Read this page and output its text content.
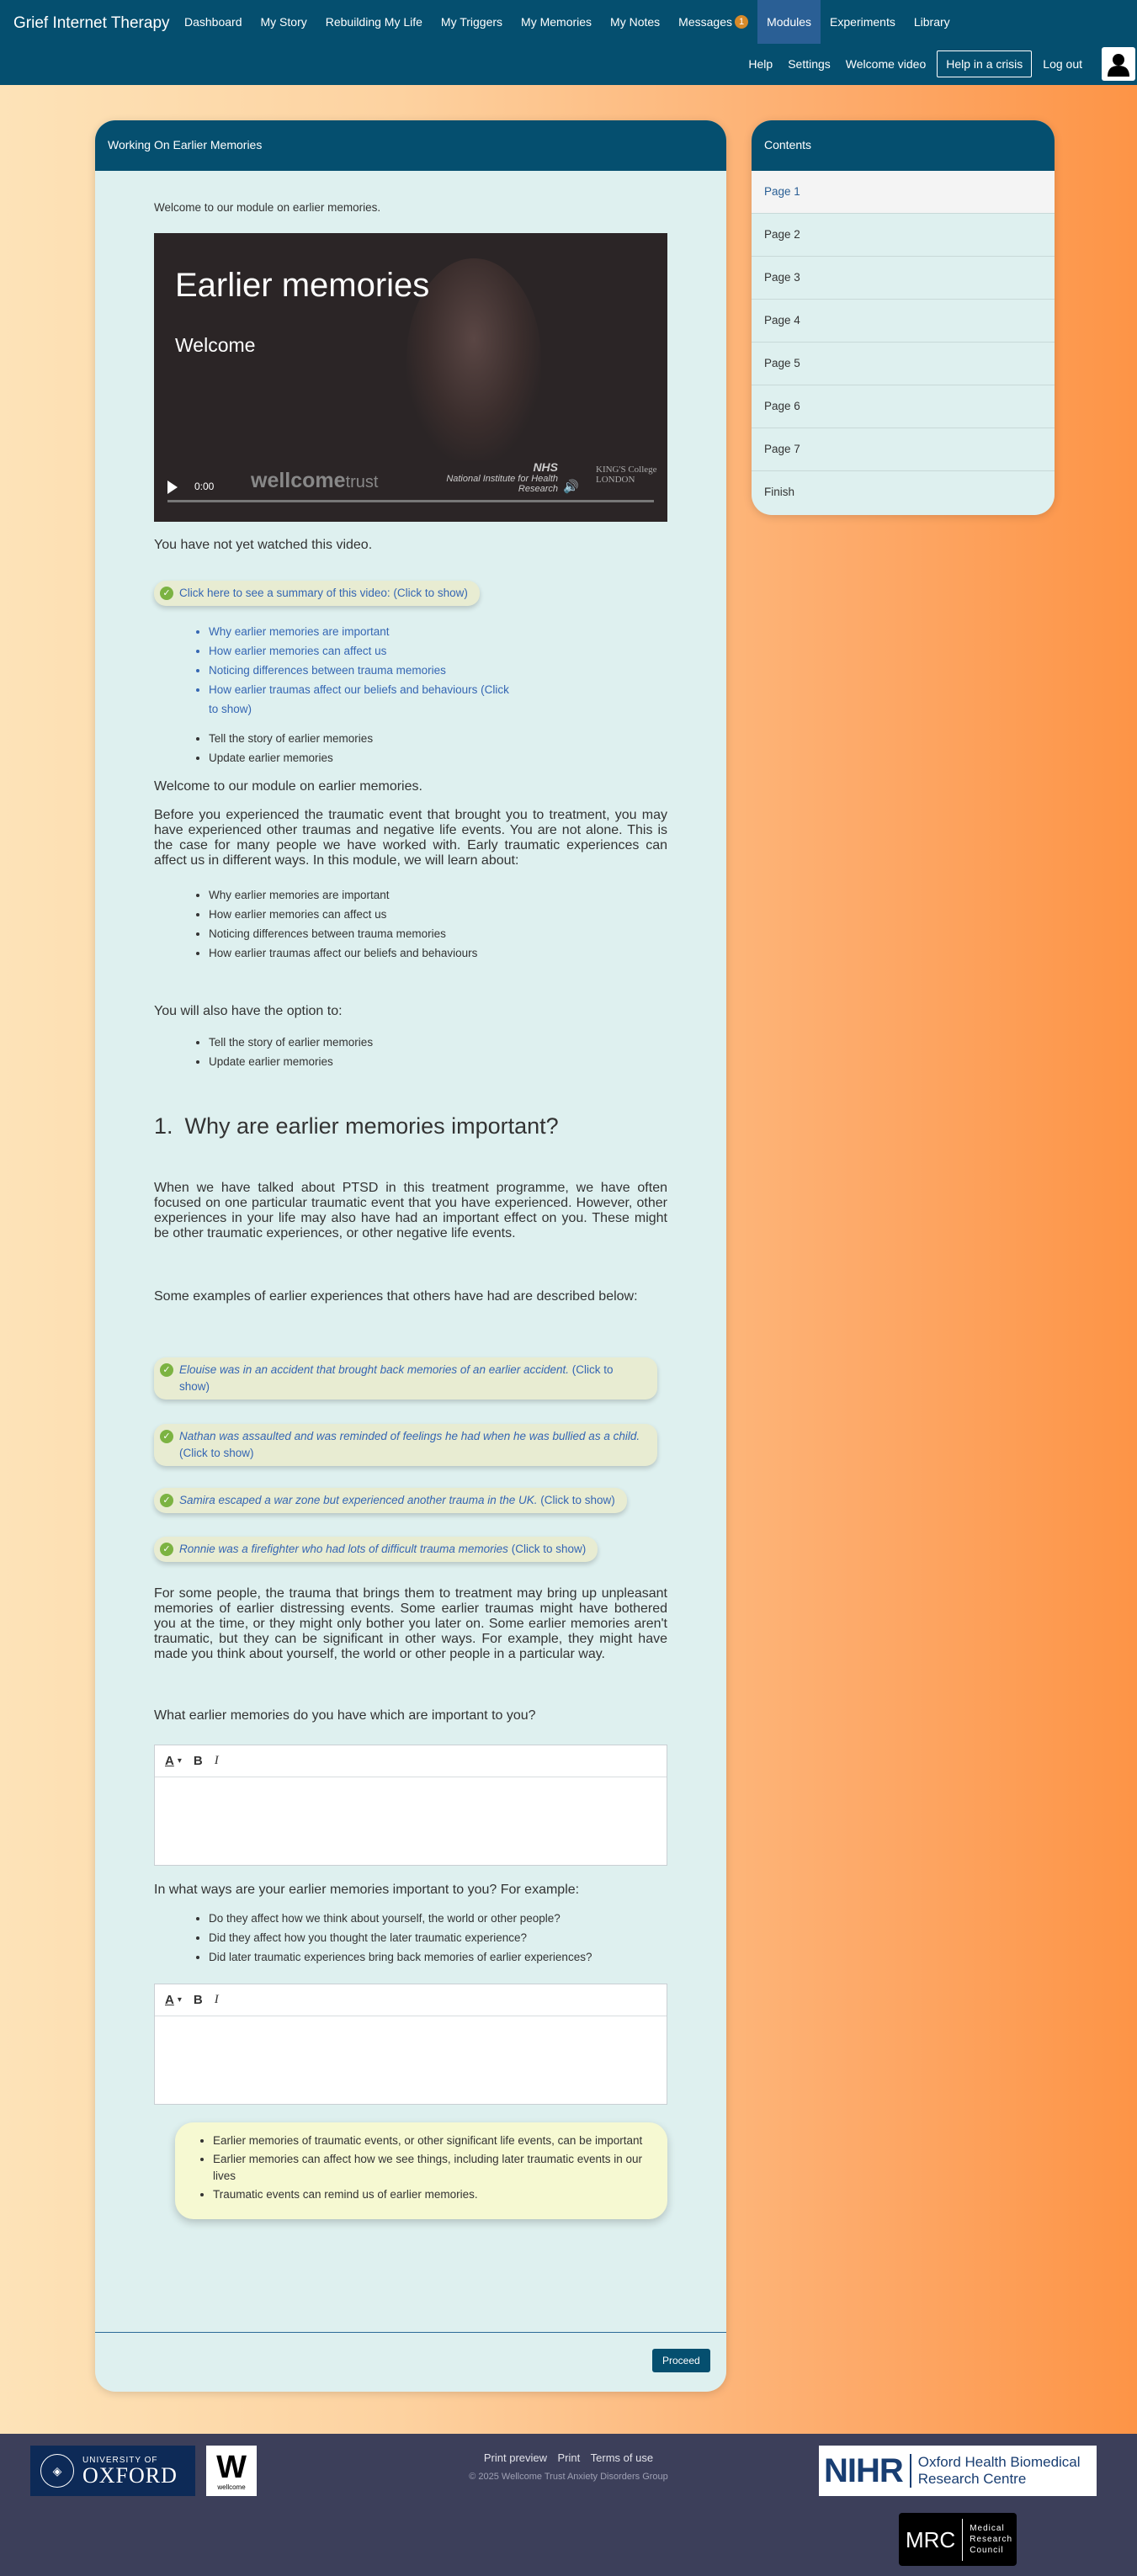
Grief Internet Therapy	Dashboard	My Story	Rebuilding My Life	My Triggers	My Memories	My Notes	Messages 1	Modules	Experiments	Library
Help	Settings	Welcome video	Help in a crisis	Log out
Working On Earlier Memories

Welcome to our module on earlier memories.

Earlier memories
Welcome
wellcometrust
NHS
National Institute for Health Research
KING'S College LONDON
0:00	🔊

You have not yet watched this video.

✓ Click here to see a summary of this video: (Click to show)
• Why earlier memories are important
• How earlier memories can affect us
• Noticing differences between trauma memories
• How earlier traumas affect our beliefs and behaviours (Click to show)
• Tell the story of earlier memories
• Update earlier memories

Welcome to our module on earlier memories.

Before you experienced the traumatic event that brought you to treatment, you may have experienced other traumas and negative life events. You are not alone. This is the case for many people we have worked with. Early traumatic experiences can affect us in different ways. In this module, we will learn about:

• Why earlier memories are important
• How earlier memories can affect us
• Noticing differences between trauma memories
• How earlier traumas affect our beliefs and behaviours

You will also have the option to:

• Tell the story of earlier memories
• Update earlier memories
1. Why are earlier memories important?

When we have talked about PTSD in this treatment programme, we have often focused on one particular traumatic event that you have experienced. However, other experiences in your life may also have had an important effect on you. These might be other traumatic experiences, or other negative life events.

Some examples of earlier experiences that others have had are described below:

✓ Elouise was in an accident that brought back memories of an earlier accident. (Click to show)
✓ Nathan was assaulted and was reminded of feelings he had when he was bullied as a child. (Click to show)
✓ Samira escaped a war zone but experienced another trauma in the UK. (Click to show)
✓ Ronnie was a firefighter who had lots of difficult trauma memories (Click to show)

For some people, the trauma that brings them to treatment may bring up unpleasant memories of earlier distressing events. Some earlier traumas might have bothered you at the time, or they might only bother you later on. Some earlier memories aren't traumatic, but they can be significant in other ways. For example, they might have made you think about yourself, the world or other people in a particular way.

What earlier memories do you have which are important to you?

A ▾ B I

In what ways are your earlier memories important to you? For example:

• Do they affect how we think about yourself, the world or other people?
• Did they affect how you thought the later traumatic experience?
• Did later traumatic experiences bring back memories of earlier experiences?
A ▾ B I
• Earlier memories of traumatic events, or other significant life events, can be important
• Earlier memories can affect how we see things, including later traumatic events in our lives
• Traumatic events can remind us of earlier memories.
Proceed
Contents
Page 1
Page 2
Page 3
Page 4
Page 5
Page 6
Page 7
Finish
◈
UNIVERSITY OF
OXFORD W
wellcome
Print preview Print Terms of use
© 2025 Wellcome Trust Anxiety Disorders Group	NIHR Oxford Health Biomedical Research Centre
MRC	Medical
Research
Council
